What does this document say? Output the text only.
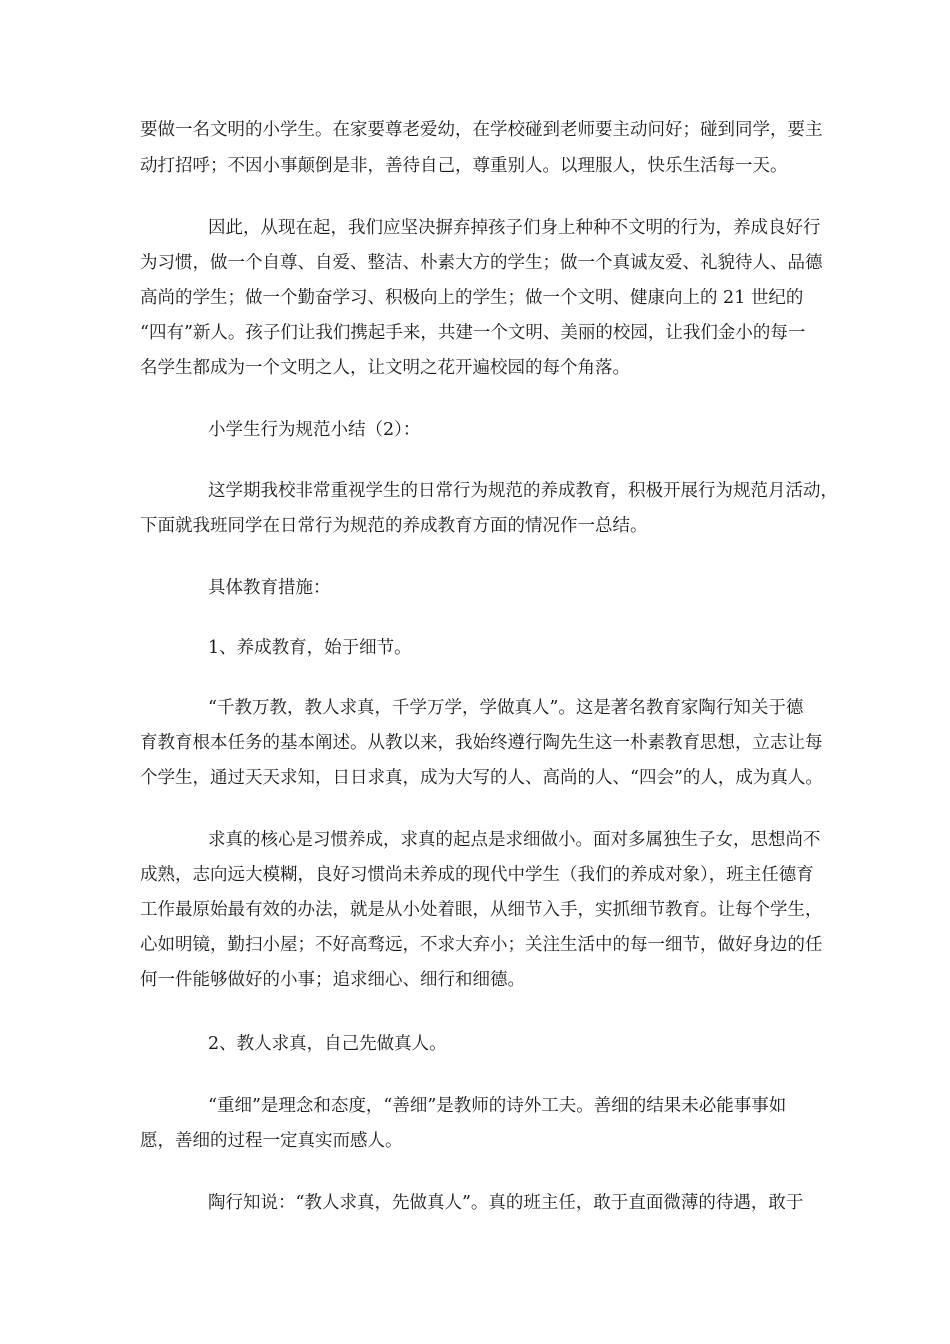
要做一名文明的小学生。在家要尊老爱幼，在学校碰到老师要主动问好；碰到同学，要主
动打招呼；不因小事颠倒是非，善待自己，尊重别人。以理服人，快乐生活每一天。
因此，从现在起，我们应坚决摒弃掉孩子们身上种种不文明的行为，养成良好行
为习惯，做一个自尊、自爱、整洁、朴素大方的学生；做一个真诚友爱、礼貌待人、品德
高尚的学生；做一个勤奋学习、积极向上的学生；做一个文明、健康向上的 21 世纪的
“四有”新人。孩子们让我们携起手来，共建一个文明、美丽的校园，让我们金小的每一
名学生都成为一个文明之人，让文明之花开遍校园的每个角落。
小学生行为规范小结（2）：
这学期我校非常重视学生的日常行为规范的养成教育，积极开展行为规范月活动，
下面就我班同学在日常行为规范的养成教育方面的情况作一总结。
具体教育措施：
1、养成教育，始于细节。
“千教万教，教人求真，千学万学，学做真人”。这是著名教育家陶行知关于德
育教育根本任务的基本阐述。从教以来，我始终遵行陶先生这一朴素教育思想，立志让每
个学生，通过天天求知，日日求真，成为大写的人、高尚的人、“四会”的人，成为真人。
求真的核心是习惯养成，求真的起点是求细做小。面对多属独生子女，思想尚不
成熟，志向远大模糊，良好习惯尚未养成的现代中学生（我们的养成对象），班主任德育
工作最原始最有效的办法，就是从小处着眼，从细节入手，实抓细节教育。让每个学生，
心如明镜，勤扫小屋；不好高骛远，不求大弃小；关注生活中的每一细节，做好身边的任
何一件能够做好的小事；追求细心、细行和细德。
2、教人求真，自己先做真人。
“重细”是理念和态度，“善细”是教师的诗外工夫。善细的结果未必能事事如
愿，善细的过程一定真实而感人。
陶行知说：“教人求真，先做真人”。真的班主任，敢于直面微薄的待遇，敢于
